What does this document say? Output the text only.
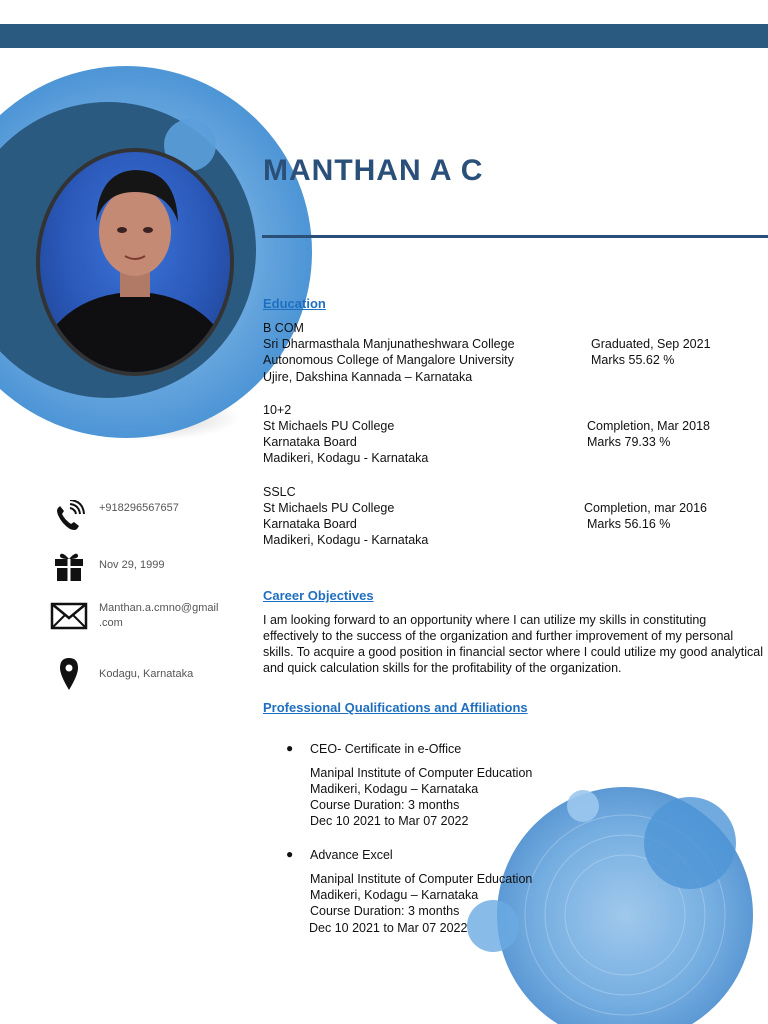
MANTHAN A C
Education

B COM

Sri Dharmasthala Manjunatheshwara College

Autonomous College of Mangalore University

Ujire, Dakshina Kannada – Karnataka

Graduated, Sep 2021

Marks 55.62 %

10+2

St Michaels PU College

Karnataka Board

Madikeri, Kodagu - Karnataka

Completion, Mar 2018

Marks 79.33 %

SSLC

St Michaels PU College

Karnataka Board

Madikeri, Kodagu - Karnataka

Completion, mar 2016

Marks 56.16 %

Career Objectives

I am looking forward to an opportunity where I can utilize my skills in constituting effectively to the success of the organization and further improvement of my personal skills. To acquire a good position in financial sector where I could utilize my good analytical and quick calculation skills for the profitability of the organization.

Professional Qualifications and Affiliations
● CEO- Certificate in e-Office

Manipal Institute of Computer Education

Madikeri, Kodagu – Karnataka

Course Duration: 3 months

Dec 10 2021 to Mar 07 2022

● Advance Excel

Manipal Institute of Computer Education

Madikeri, Kodagu – Karnataka

Course Duration: 3 months

Dec 10 2021 to Mar 07 2022

+918296567657

Nov 29, 1999

Manthan.a.cmno@gmail
.com

Kodagu, Karnataka
